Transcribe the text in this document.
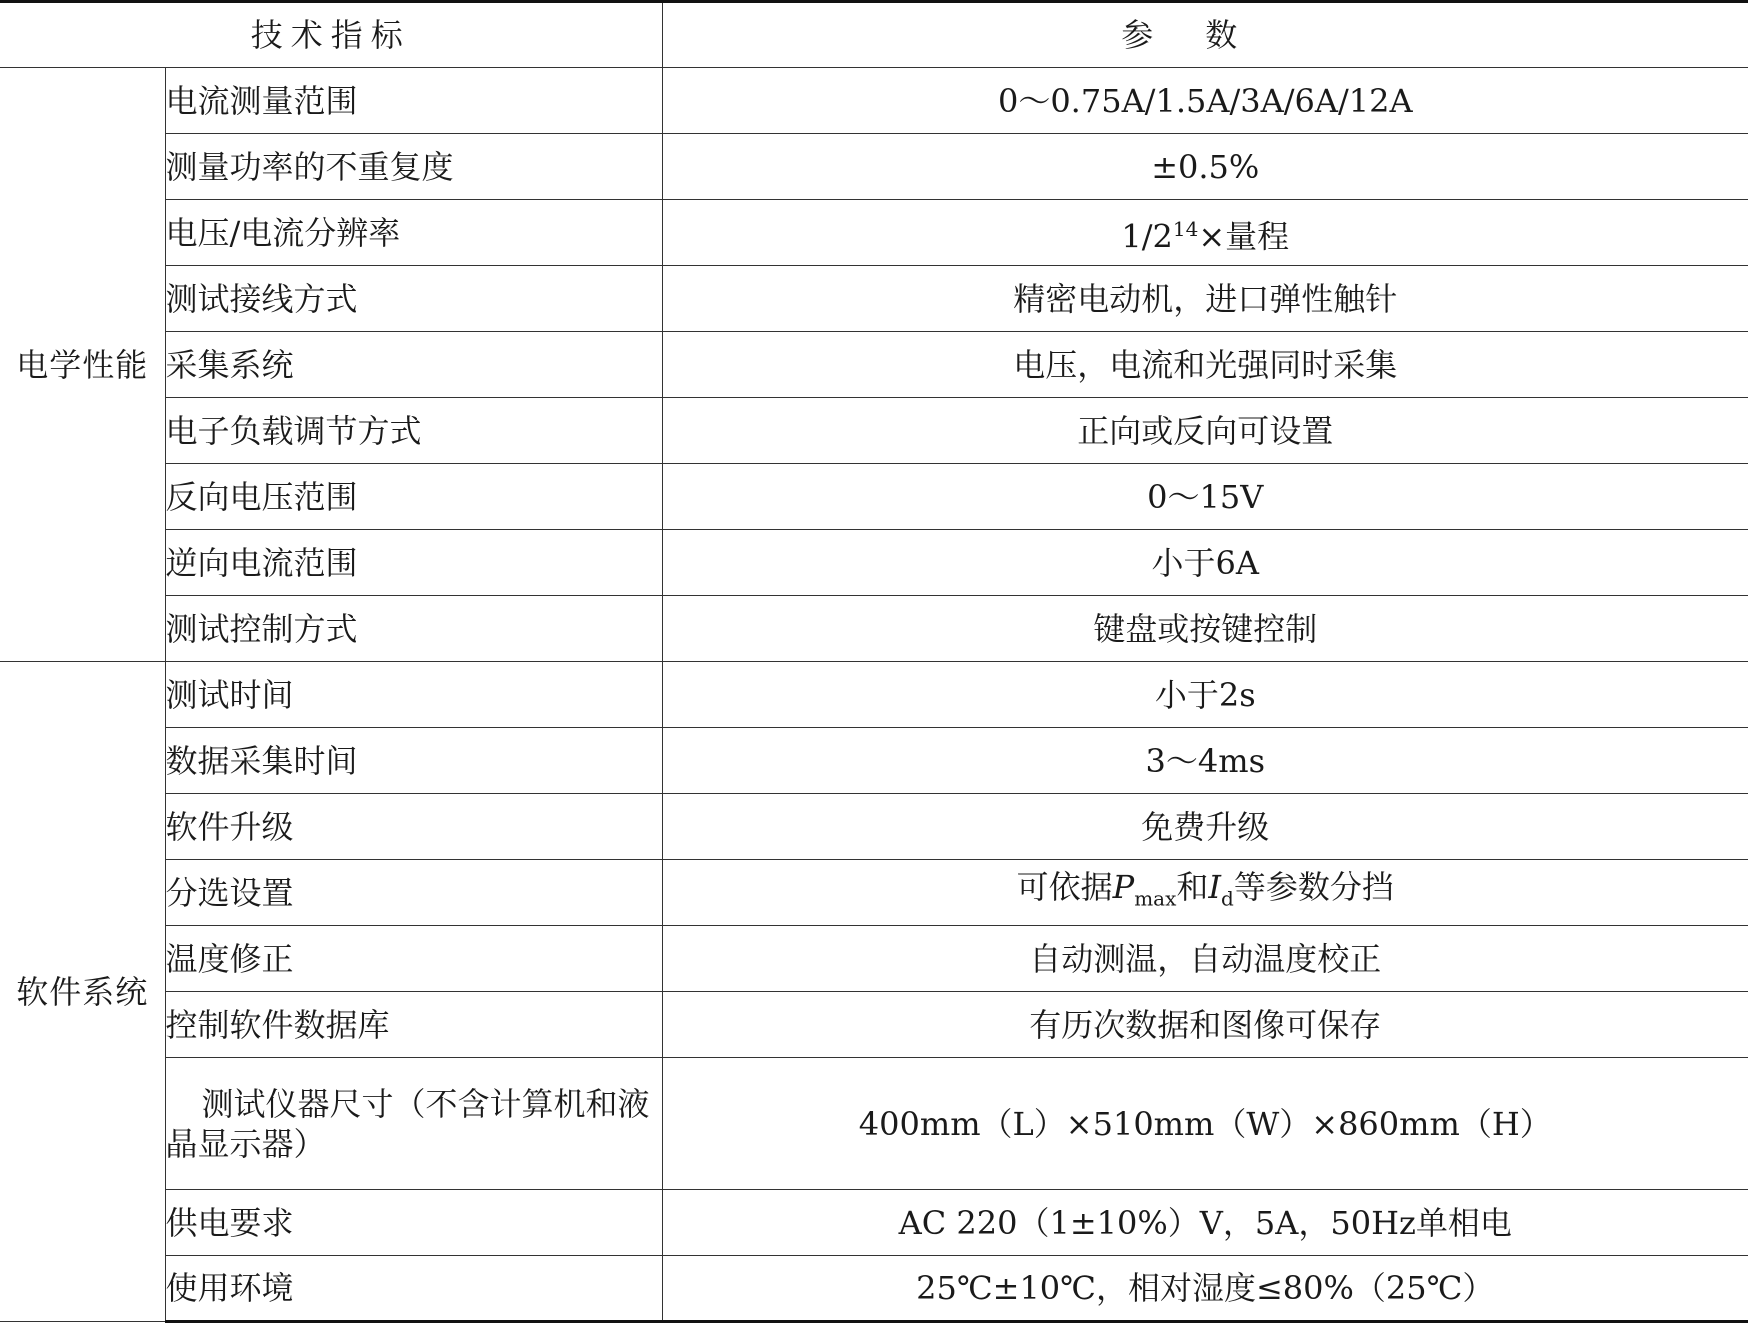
技术指标		参数
电学性能	电流测量范围	0～0.75A/1.5A/3A/6A/12A
	测量功率的不重复度	±0.5%
	电压/电流分辨率	$1/2^{14}\times$量程
	测试接线方式	精密电动机，进口弹性触针
	采集系统	电压，电流和光强同时采集
	电子负载调节方式	正向或反向可设置
	反向电压范围	0～15V
	逆向电流范围	小于6A
	测试控制方式	键盘或按键控制
软件系统	测试时间	小于2s
	数据采集时间	3～4ms
	软件升级	免费升级
	分选设置	可依据$P_{max}$和$I_d$等参数分挡
	温度修正	自动测温，自动温度校正
	控制软件数据库	有历次数据和图像可保存
	测试仪器尺寸（不含计算机和液晶显示器）	400mm（L）×510mm（W）×860mm（H）
	供电要求	AC 220（1±10%）V，5A，50Hz单相电
	使用环境	25℃±10℃，相对湿度≤80%（25℃）
